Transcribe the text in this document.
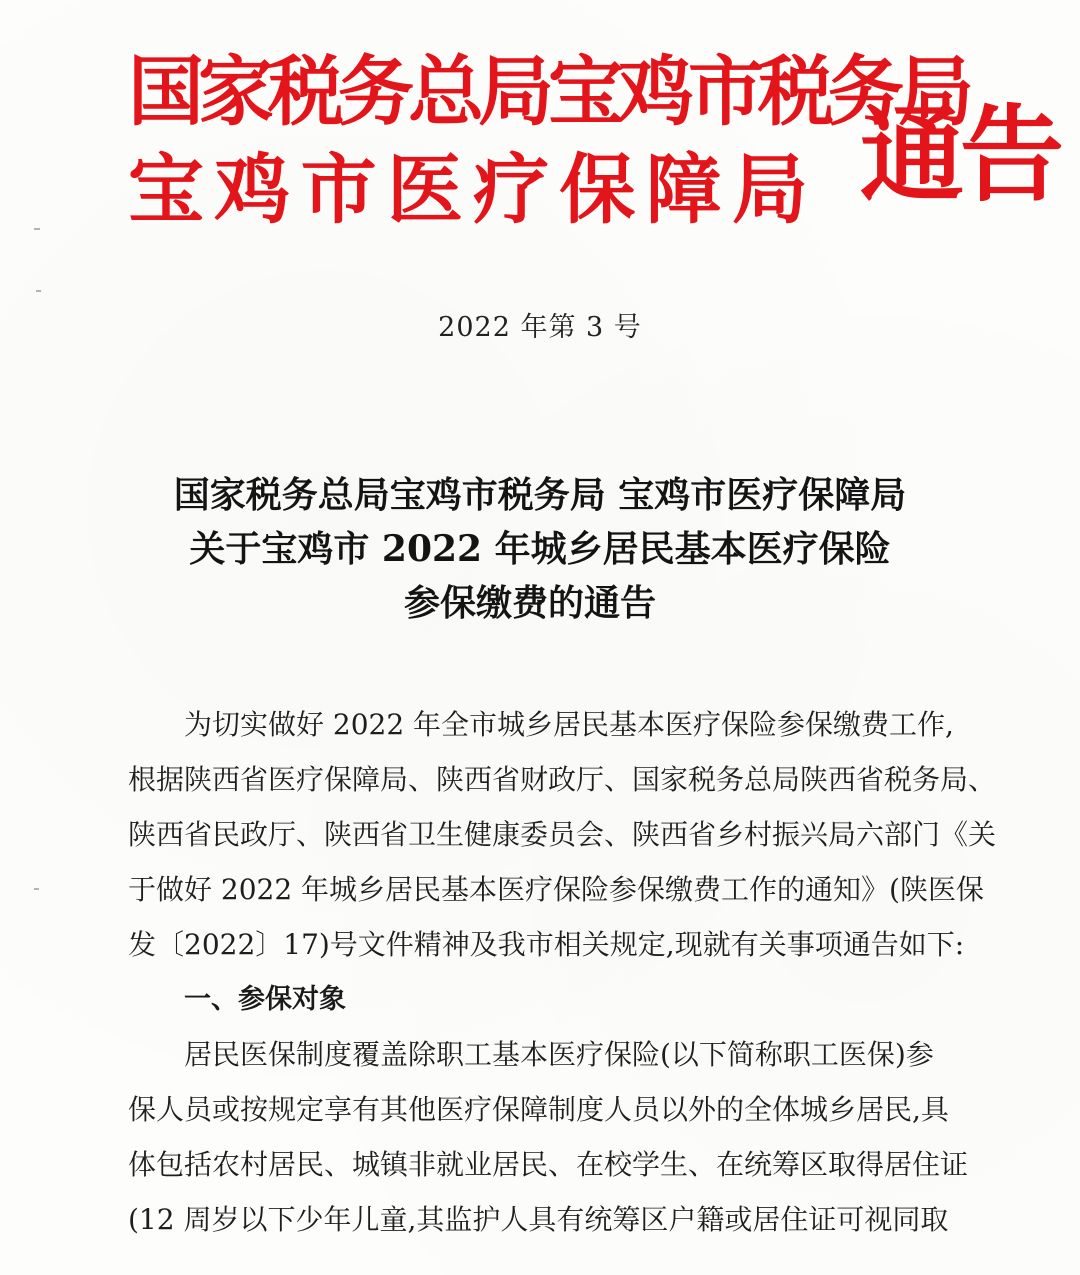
国家税务总局宝鸡市税务局
宝 鸡 市 医 疗 保 障 局 通告
2022 年第 3 号
国家税务总局宝鸡市税务局 宝鸡市医疗保障局
关于宝鸡市 2022 年城乡居民基本医疗保险
参保缴费的通告
为切实做好 2022 年全市城乡居民基本医疗保险参保缴费工作,
根据陕西省医疗保障局、陕西省财政厅、国家税务总局陕西省税务局、
陕西省民政厅、陕西省卫生健康委员会、陕西省乡村振兴局六部门《关
于做好 2022 年城乡居民基本医疗保险参保缴费工作的通知》(陕医保
发〔2022〕17)号文件精神及我市相关规定,现就有关事项通告如下:
一、参保对象
居民医保制度覆盖除职工基本医疗保险(以下简称职工医保)参
保人员或按规定享有其他医疗保障制度人员以外的全体城乡居民,具
体包括农村居民、城镇非就业居民、在校学生、在统筹区取得居住证
(12 周岁以下少年儿童,其监护人具有统筹区户籍或居住证可视同取
